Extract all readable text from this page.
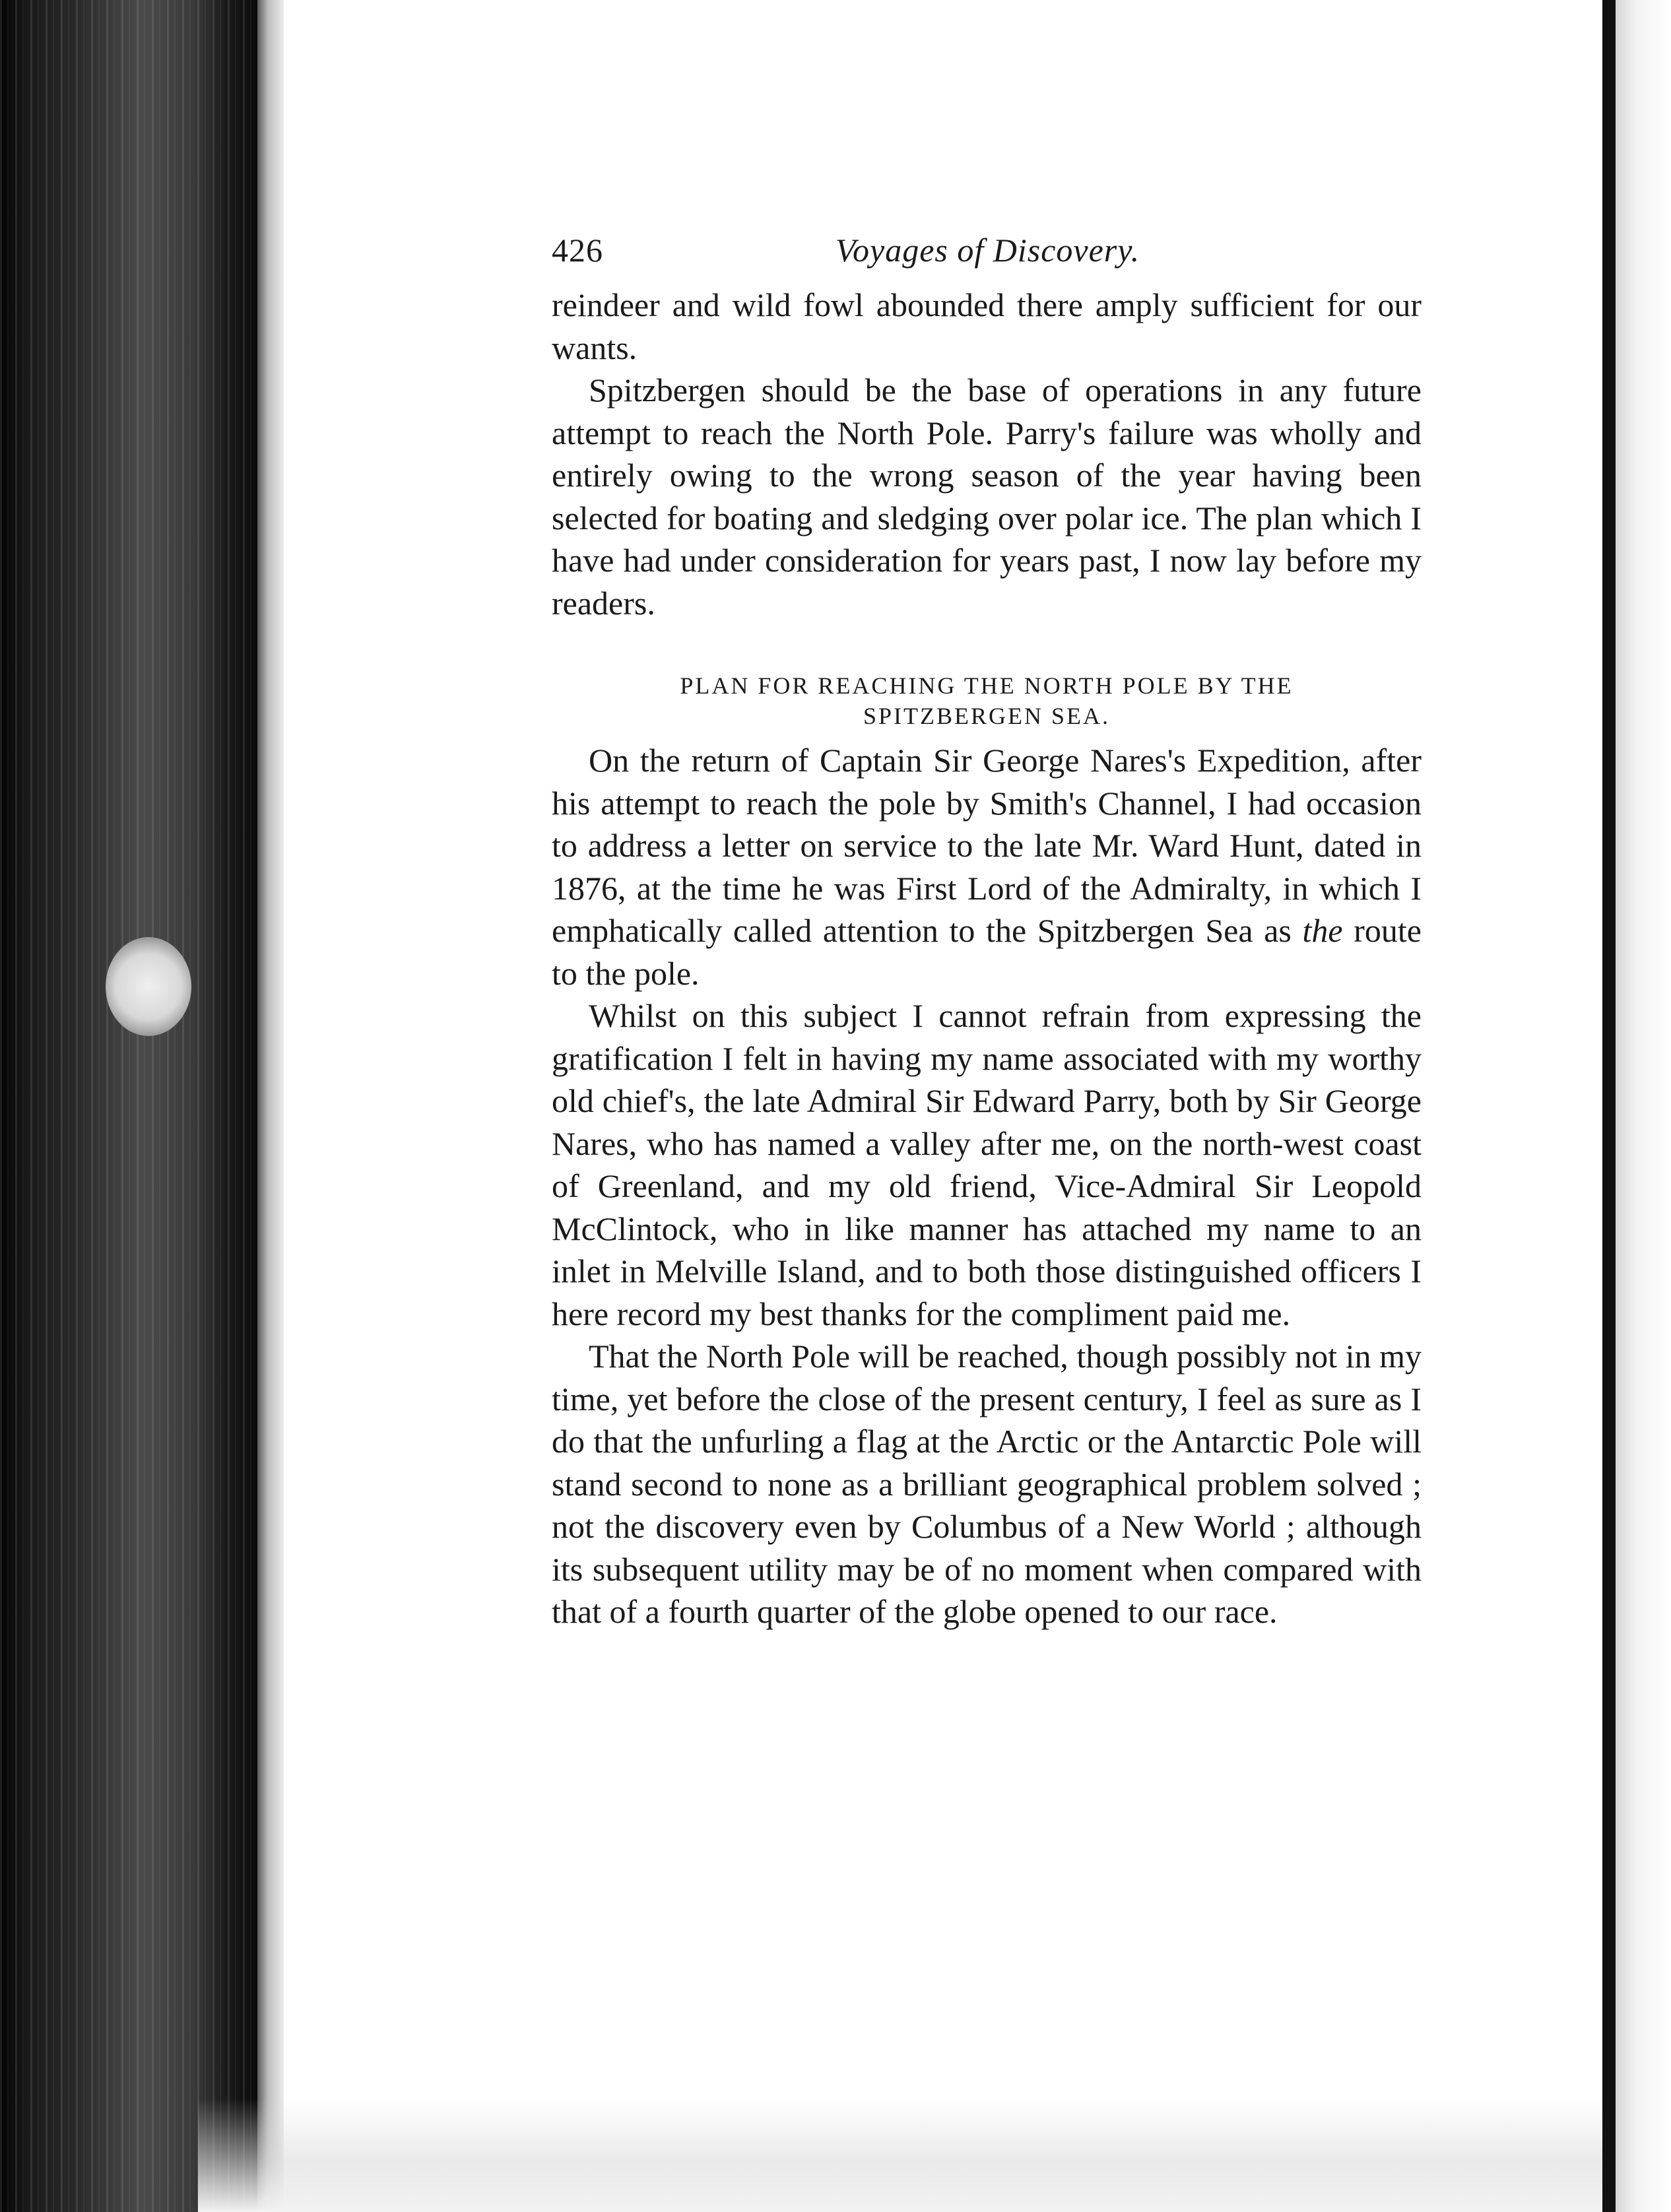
426	Voyages of Discovery.

reindeer and wild fowl abounded there amply sufficient for our wants.

Spitzbergen should be the base of operations in any future attempt to reach the North Pole. Parry's failure was wholly and entirely owing to the wrong season of the year having been selected for boating and sledging over polar ice. The plan which I have had under consideration for years past, I now lay before my readers.

PLAN FOR REACHING THE NORTH POLE BY THE
SPITZBERGEN SEA.

On the return of Captain Sir George Nares's Expedition, after his attempt to reach the pole by Smith's Channel, I had occasion to address a letter on service to the late Mr. Ward Hunt, dated in 1876, at the time he was First Lord of the Admiralty, in which I emphatically called attention to the Spitzbergen Sea as the route to the pole.

Whilst on this subject I cannot refrain from expressing the gratification I felt in having my name associated with my worthy old chief's, the late Admiral Sir Edward Parry, both by Sir George Nares, who has named a valley after me, on the north-west coast of Greenland, and my old friend, Vice-Admiral Sir Leopold McClintock, who in like manner has attached my name to an inlet in Melville Island, and to both those distinguished officers I here record my best thanks for the compliment paid me.

That the North Pole will be reached, though possibly not in my time, yet before the close of the present century, I feel as sure as I do that the unfurling a flag at the Arctic or the Antarctic Pole will stand second to none as a brilliant geographical problem solved ; not the discovery even by Columbus of a New World ; although its subsequent utility may be of no moment when compared with that of a fourth quarter of the globe opened to our race.
